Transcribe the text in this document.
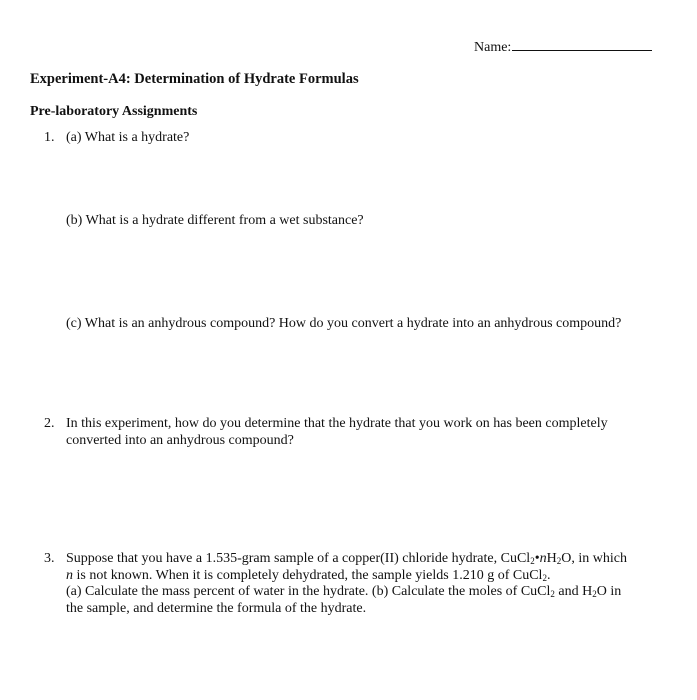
Name:
Experiment-A4: Determination of Hydrate Formulas
Pre-laboratory Assignments
1. (a) What is a hydrate?
(b) What is a hydrate different from a wet substance?
(c) What is an anhydrous compound? How do you convert a hydrate into an anhydrous compound?
2. In this experiment, how do you determine that the hydrate that you work on has been completely
converted into an anhydrous compound?
3. Suppose that you have a 1.535-gram sample of a copper(II) chloride hydrate, $CuCl_2•nH_2O$, in which
n is not known. When it is completely dehydrated, the sample yields 1.210 g of CuCl$_2$.
(a) Calculate the mass percent of water in the hydrate. (b) Calculate the moles of CuCl$_2$ and $H_2O$ in
the sample, and determine the formula of the hydrate.
